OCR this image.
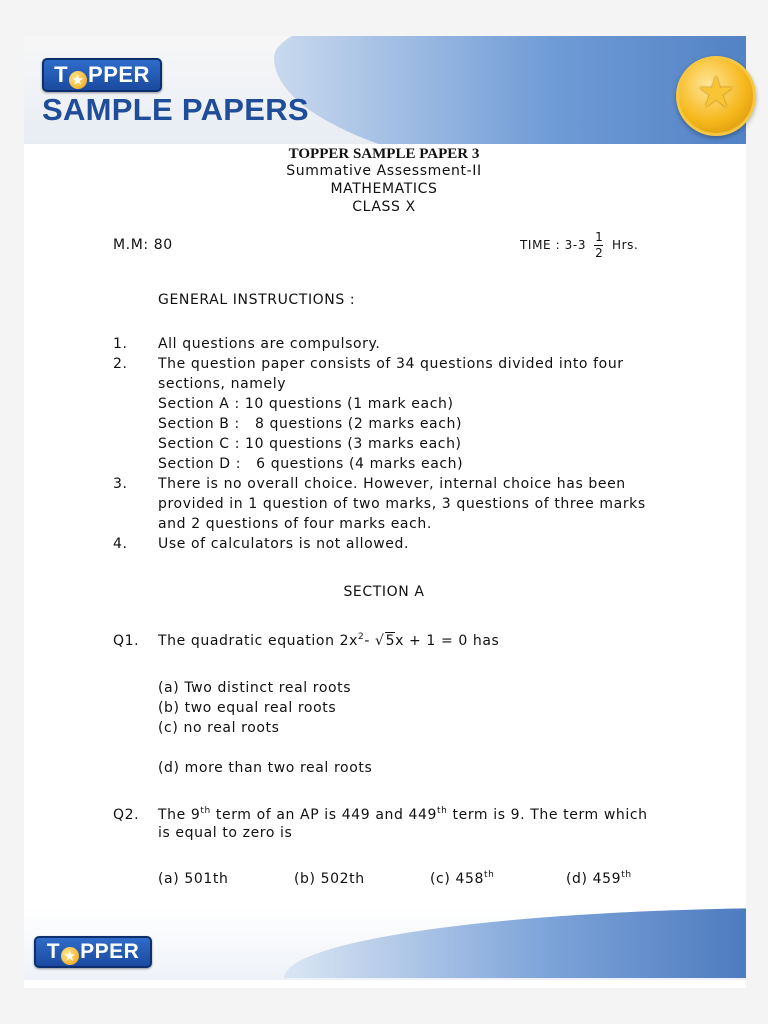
T ★ PPER
SAMPLE PAPERS	★
TOPPER SAMPLE PAPER 3
Summative Assessment-II
MATHEMATICS
CLASS X
M.M: 80	TIME : 3-3
1
2
Hrs.
GENERAL INSTRUCTIONS :
1. All questions are compulsory.
2. The question paper consists of 34 questions divided into four
sections, namely
Section A : 10 questions (1 mark each)
Section B :   8 questions (2 marks each)
Section C : 10 questions (3 marks each)
Section D :   6 questions (4 marks each)
3. There is no overall choice. However, internal choice has been
provided in 1 question of two marks, 3 questions of three marks
and 2 questions of four marks each.
4. Use of calculators is not allowed.
SECTION A
Q1. The quadratic equation $2x^2-$ √5x + 1 = 0 has
(a) Two distinct real roots
(b) two equal real roots
(c) no real roots
(d) more than two real roots
Q2. The 9th term of an AP is 449 and 449th term is 9. The term which
is equal to zero is
(a) 501th	(b) 502th	(c) 458th	(d) 459th
T ★ PPER
